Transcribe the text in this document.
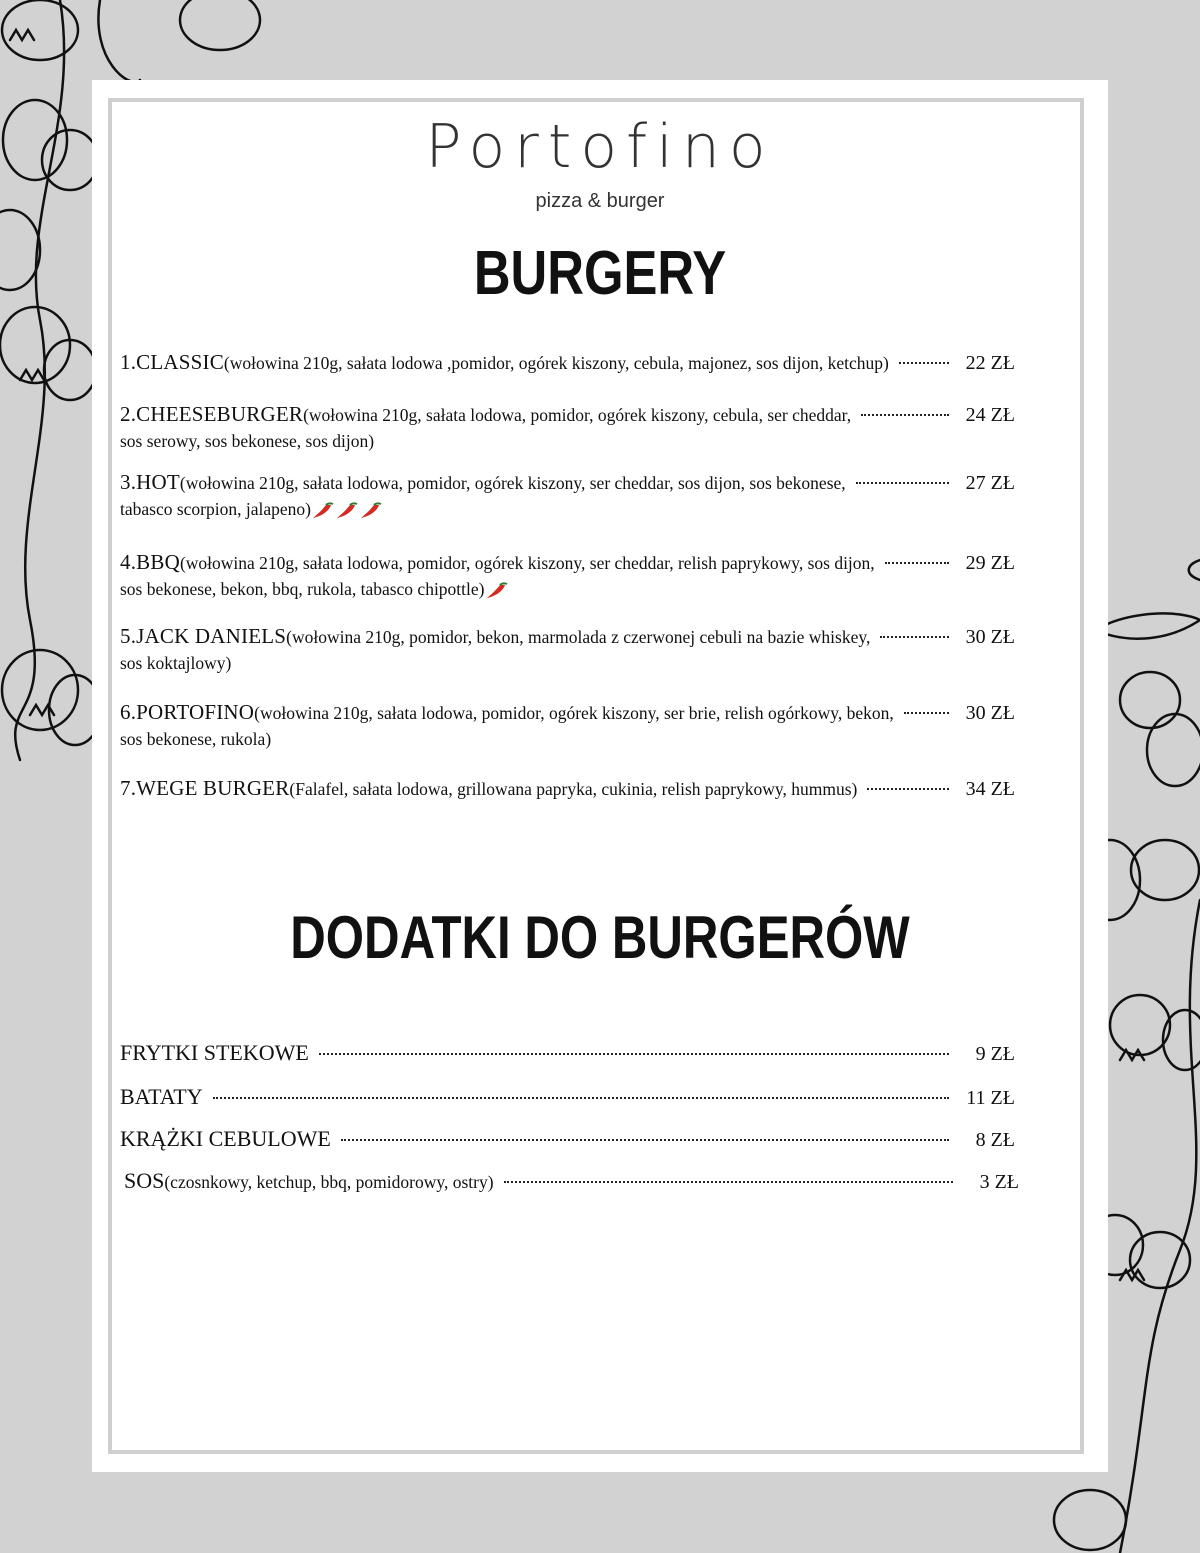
Portofino
pizza & burger
BURGERY
1.CLASSIC (wołowina 210g, sałata lodowa ,pomidor, ogórek kiszony, cebula, majonez, sos dijon, ketchup)	22 ZŁ
2.CHEESEBURGER (wołowina 210g, sałata lodowa, pomidor, ogórek kiszony, cebula, ser cheddar,	24 ZŁ
sos serowy, sos bekonese, sos dijon)
3.HOT (wołowina 210g, sałata lodowa, pomidor, ogórek kiszony, ser cheddar, sos dijon, sos bekonese,	27 ZŁ
tabasco scorpion, jalapeno)
4.BBQ (wołowina 210g, sałata lodowa, pomidor, ogórek kiszony, ser cheddar, relish paprykowy, sos dijon,	29 ZŁ
sos bekonese, bekon, bbq, rukola, tabasco chipottle)
5.JACK DANIELS (wołowina 210g, pomidor, bekon, marmolada z czerwonej cebuli na bazie whiskey,	30 ZŁ
sos koktajlowy)
6.PORTOFINO (wołowina 210g, sałata lodowa, pomidor, ogórek kiszony, ser brie, relish ogórkowy, bekon,	30 ZŁ
sos bekonese, rukola)
7.WEGE BURGER (Falafel, sałata lodowa, grillowana papryka, cukinia, relish paprykowy, hummus)	34 ZŁ
DODATKI DO BURGERÓW
FRYTKI STEKOWE	9 ZŁ
BATATY	11 ZŁ
KRĄŻKI CEBULOWE	8 ZŁ
SOS (czosnkowy, ketchup, bbq, pomidorowy, ostry)	3 ZŁ
